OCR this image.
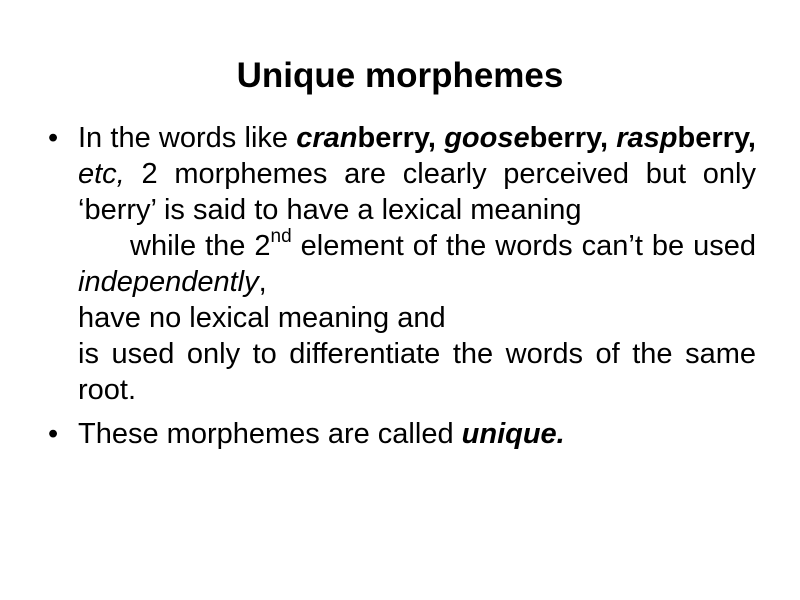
Unique morphemes
• In the words like cranberry, gooseberry, raspberry, etc, 2 morphemes are clearly perceived but only ‘berry’ is said to have a lexical meaning
while the 2nd element of the words can’t be used independently,
have no lexical meaning and
is used only to differentiate the words of the same root.
• These morphemes are called unique.
